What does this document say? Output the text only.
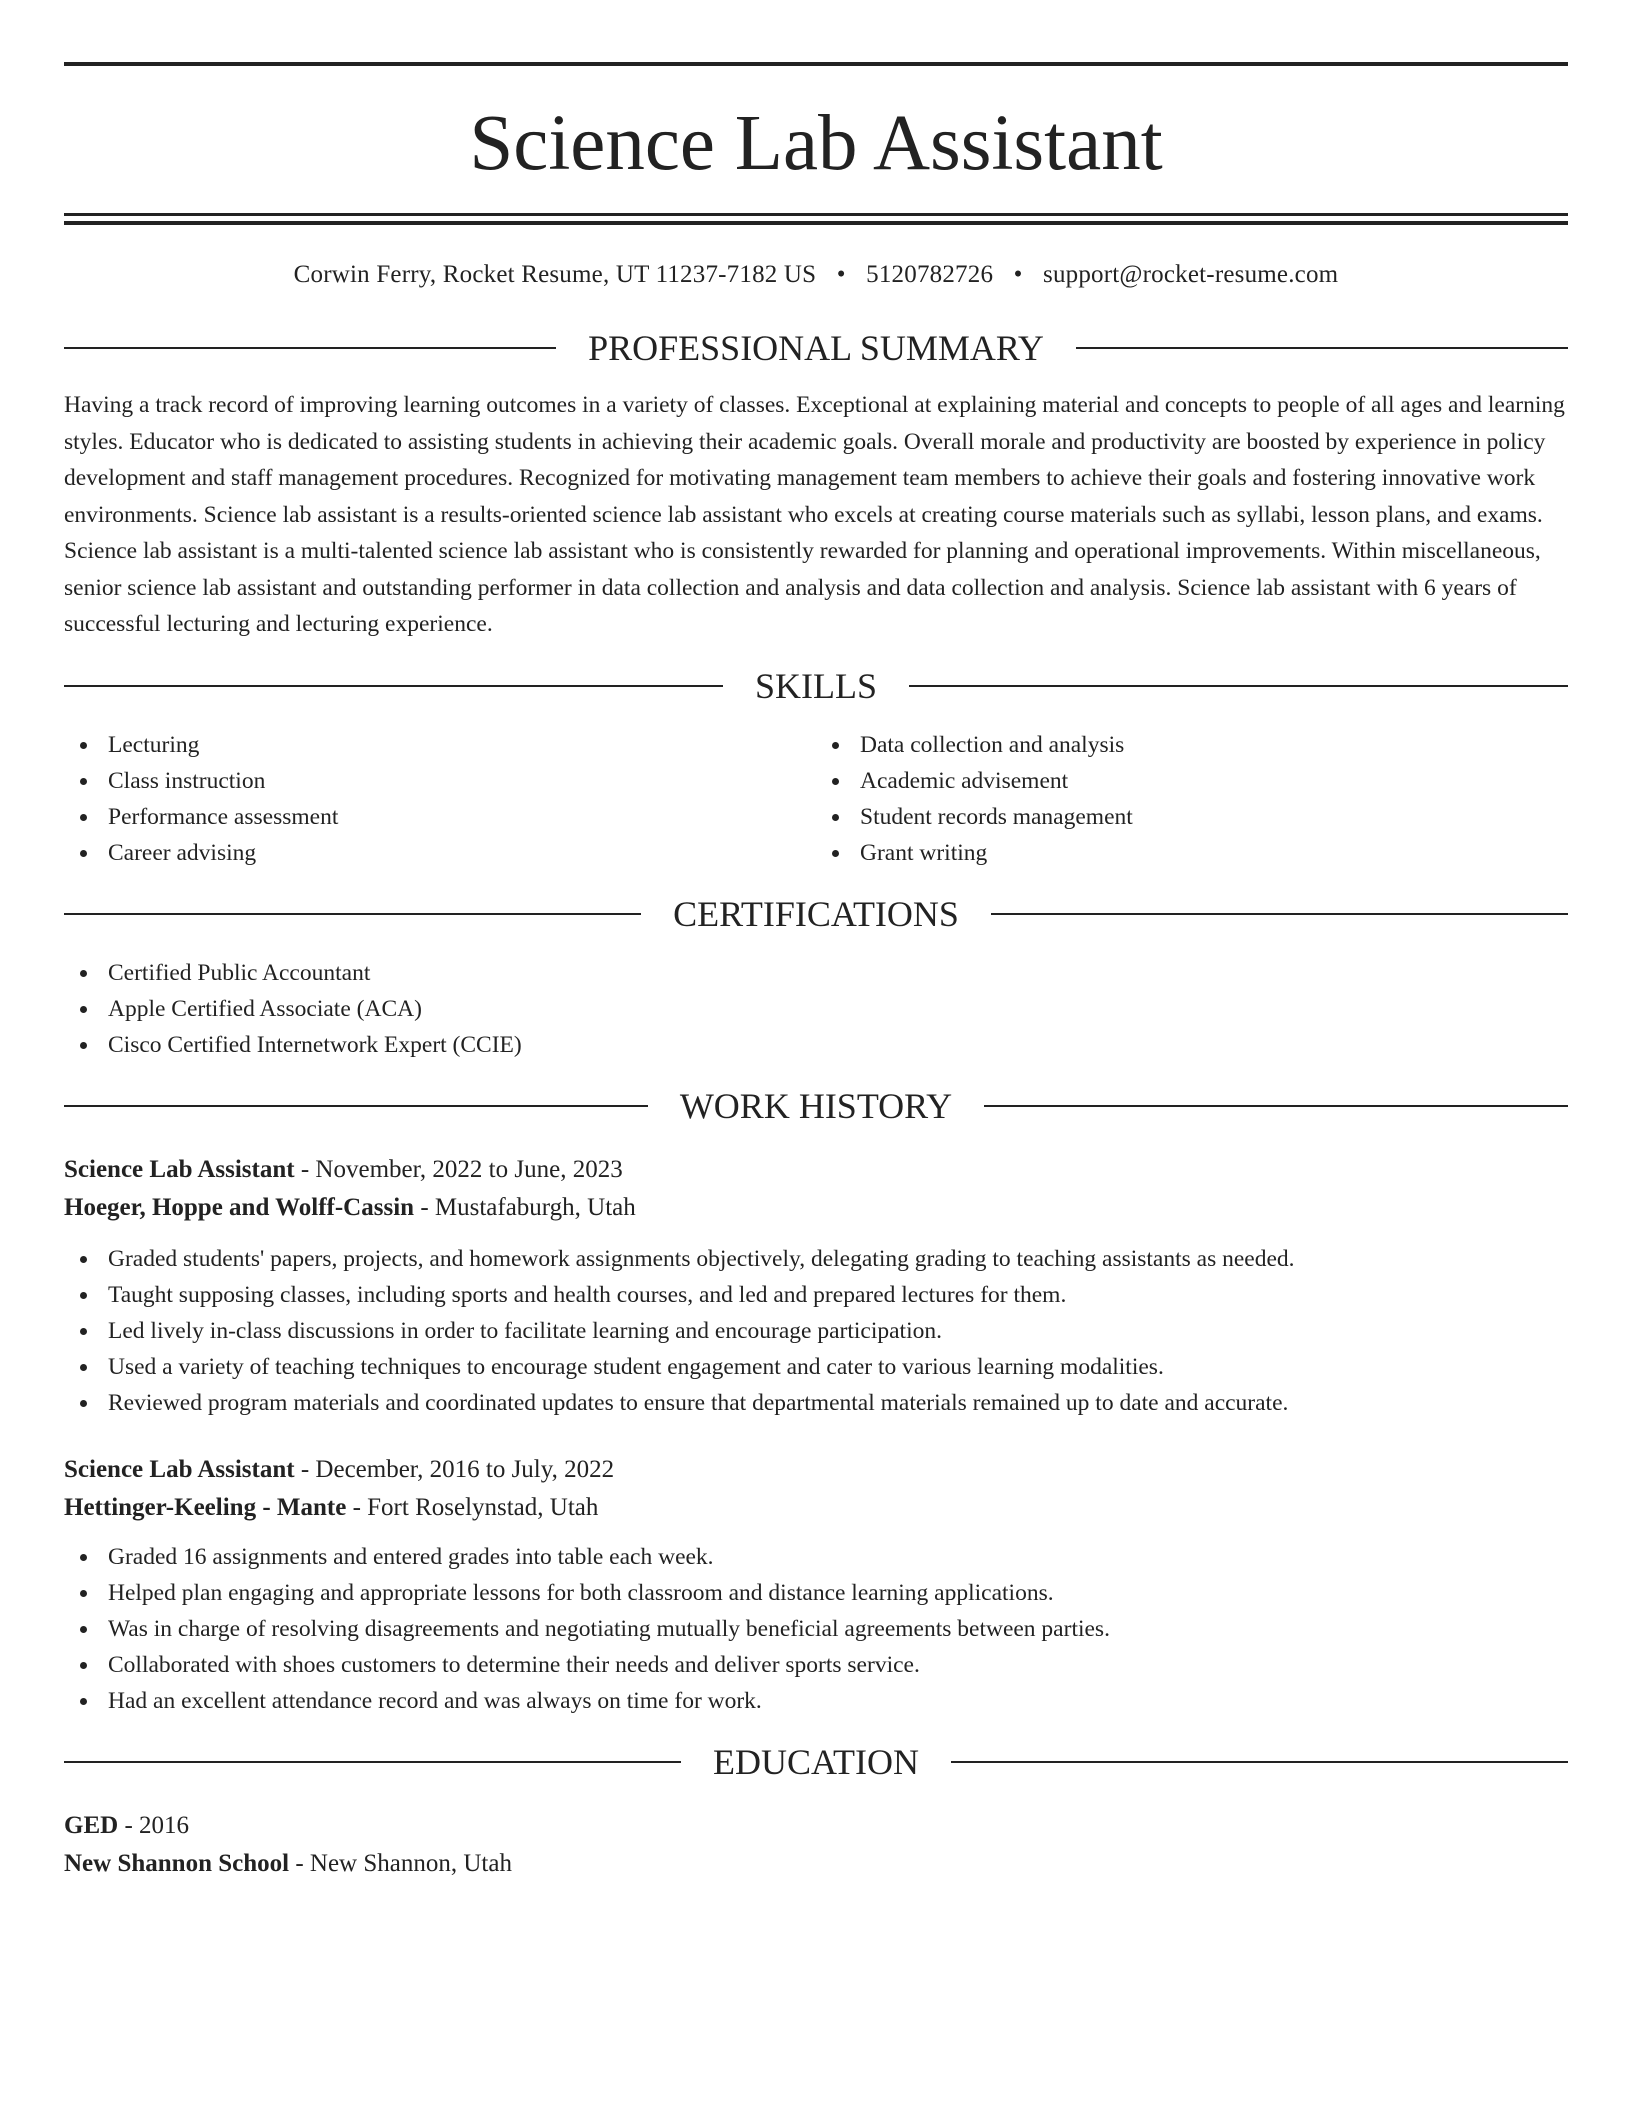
Science Lab Assistant
Corwin Ferry, Rocket Resume, UT 11237-7182 US • 5120782726 • support@rocket-resume.com
PROFESSIONAL SUMMARY

Having a track record of improving learning outcomes in a variety of classes. Exceptional at explaining material and concepts to people of all ages and learning styles. Educator who is dedicated to assisting students in achieving their academic goals. Overall morale and productivity are boosted by experience in policy development and staff management procedures. Recognized for motivating management team members to achieve their goals and fostering innovative work environments. Science lab assistant is a results-oriented science lab assistant who excels at creating course materials such as syllabi, lesson plans, and exams. Science lab assistant is a multi-talented science lab assistant who is consistently rewarded for planning and operational improvements. Within miscellaneous, senior science lab assistant and outstanding performer in data collection and analysis and data collection and analysis. Science lab assistant with 6 years of successful lecturing and lecturing experience.

SKILLS
Lecturing
Class instruction
Performance assessment
Career advising
Data collection and analysis
Academic advisement
Student records management
Grant writing
CERTIFICATIONS
Certified Public Accountant
Apple Certified Associate (ACA)
Cisco Certified Internetwork Expert (CCIE)
WORK HISTORY
Science Lab Assistant - November, 2022 to June, 2023
Hoeger, Hoppe and Wolff-Cassin - Mustafaburgh, Utah
Graded students' papers, projects, and homework assignments objectively, delegating grading to teaching assistants as needed.
Taught supposing classes, including sports and health courses, and led and prepared lectures for them.
Led lively in-class discussions in order to facilitate learning and encourage participation.
Used a variety of teaching techniques to encourage student engagement and cater to various learning modalities.
Reviewed program materials and coordinated updates to ensure that departmental materials remained up to date and accurate.
Science Lab Assistant - December, 2016 to July, 2022
Hettinger-Keeling - Mante - Fort Roselynstad, Utah
Graded 16 assignments and entered grades into table each week.
Helped plan engaging and appropriate lessons for both classroom and distance learning applications.
Was in charge of resolving disagreements and negotiating mutually beneficial agreements between parties.
Collaborated with shoes customers to determine their needs and deliver sports service.
Had an excellent attendance record and was always on time for work.
EDUCATION
GED - 2016
New Shannon School - New Shannon, Utah
